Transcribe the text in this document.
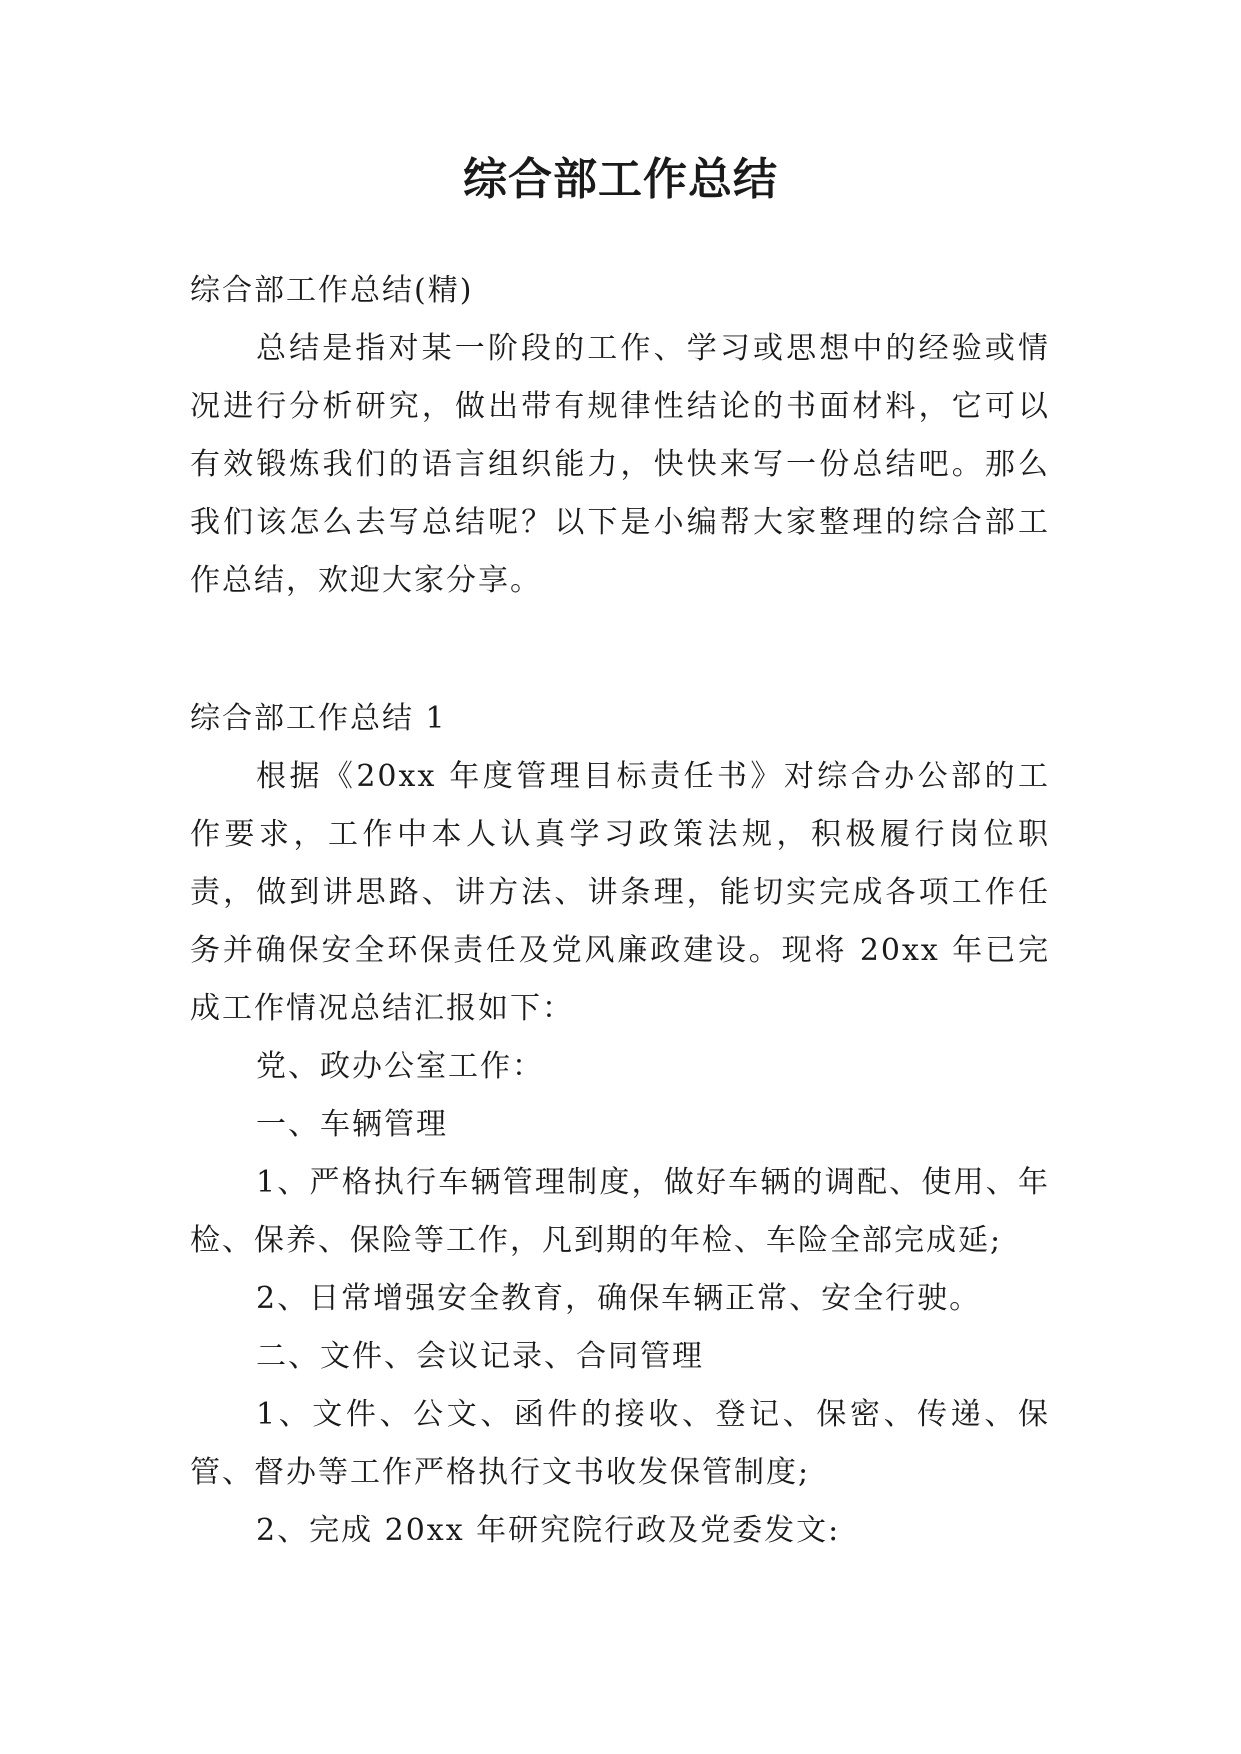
综合部工作总结

综合部工作总结(精)

总结是指对某一阶段的工作、学习或思想中的经验或情况进行分析研究，做出带有规律性结论的书面材料，它可以有效锻炼我们的语言组织能力，快快来写一份总结吧。那么我们该怎么去写总结呢？以下是小编帮大家整理的综合部工作总结，欢迎大家分享。

综合部工作总结 1

根据《20xx 年度管理目标责任书》对综合办公部的工作要求，工作中本人认真学习政策法规，积极履行岗位职责，做到讲思路、讲方法、讲条理，能切实完成各项工作任务并确保安全环保责任及党风廉政建设。现将 20xx 年已完成工作情况总结汇报如下：

党、政办公室工作：

一、车辆管理

1、严格执行车辆管理制度，做好车辆的调配、使用、年检、保养、保险等工作，凡到期的年检、车险全部完成延;

2、日常增强安全教育，确保车辆正常、安全行驶。

二、文件、会议记录、合同管理

1、文件、公文、函件的接收、登记、保密、传递、保管、督办等工作严格执行文书收发保管制度;

2、完成 20xx 年研究院行政及党委发文:
